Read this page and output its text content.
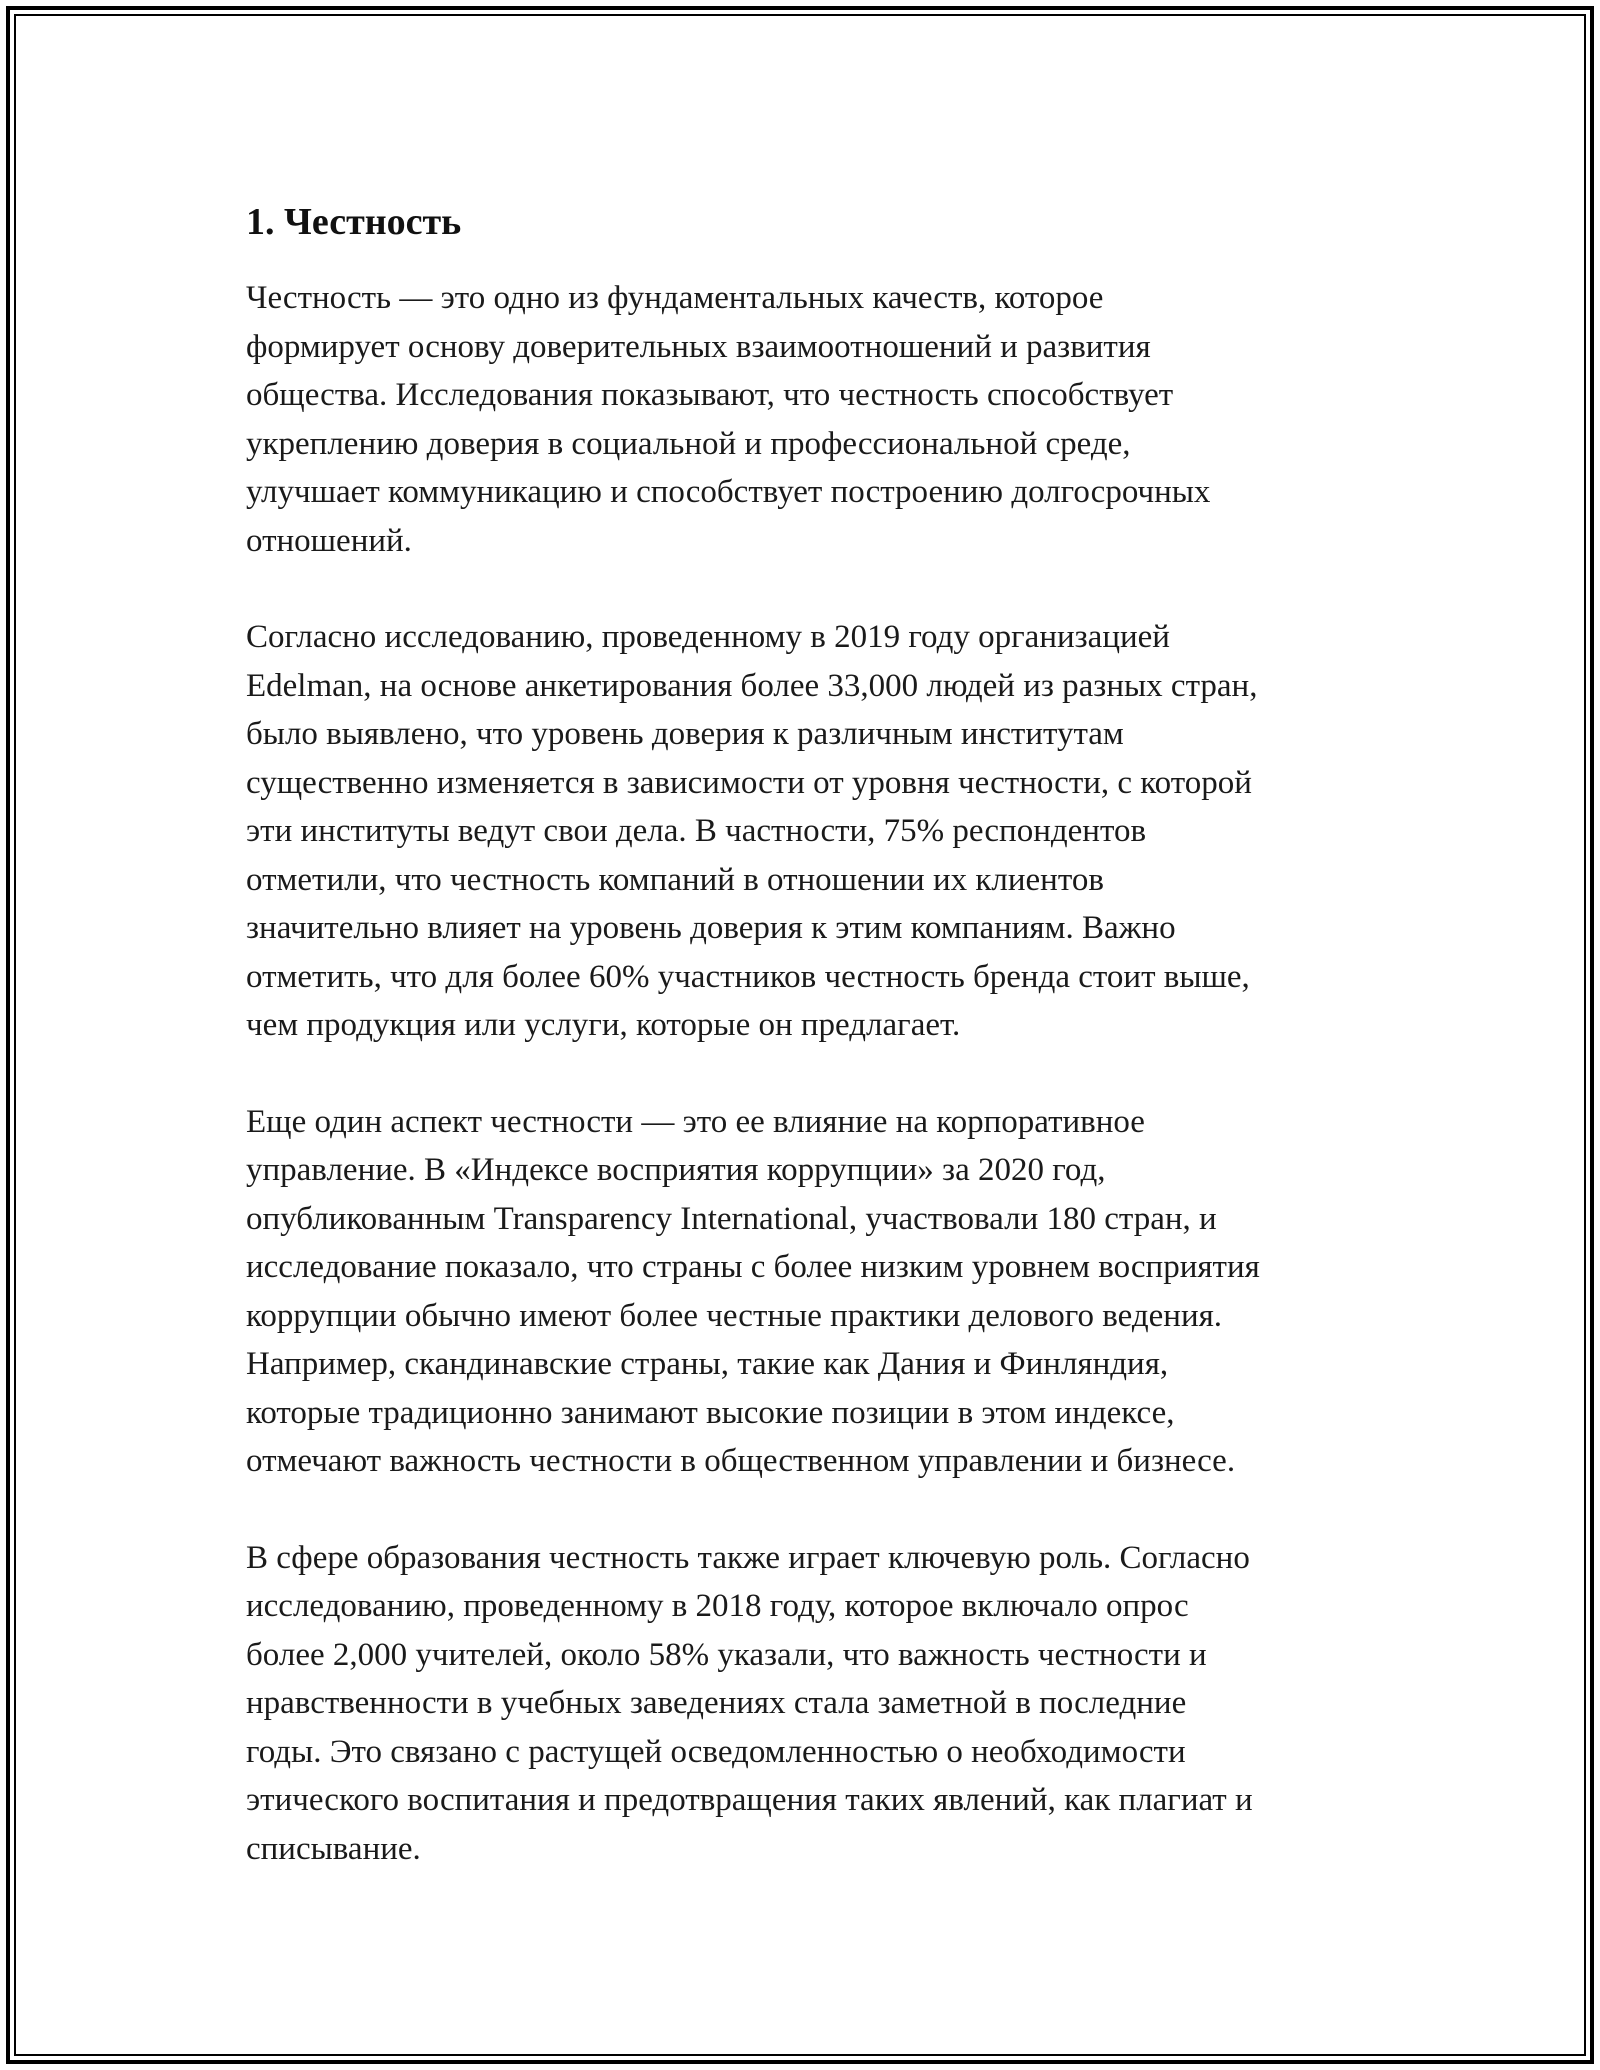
1. Честность
Честность — это одно из фундаментальных качеств, которое
формирует основу доверительных взаимоотношений и развития
общества. Исследования показывают, что честность способствует
укреплению доверия в социальной и профессиональной среде,
улучшает коммуникацию и способствует построению долгосрочных
отношений.
Согласно исследованию, проведенному в 2019 году организацией
Edelman, на основе анкетирования более 33,000 людей из разных стран,
было выявлено, что уровень доверия к различным институтам
существенно изменяется в зависимости от уровня честности, с которой
эти институты ведут свои дела. В частности, 75% респондентов
отметили, что честность компаний в отношении их клиентов
значительно влияет на уровень доверия к этим компаниям. Важно
отметить, что для более 60% участников честность бренда стоит выше,
чем продукция или услуги, которые он предлагает.
Еще один аспект честности — это ее влияние на корпоративное
управление. В «Индексе восприятия коррупции» за 2020 год,
опубликованным Transparency International, участвовали 180 стран, и
исследование показало, что страны с более низким уровнем восприятия
коррупции обычно имеют более честные практики делового ведения.
Например, скандинавские страны, такие как Дания и Финляндия,
которые традиционно занимают высокие позиции в этом индексе,
отмечают важность честности в общественном управлении и бизнесе.
В сфере образования честность также играет ключевую роль. Согласно
исследованию, проведенному в 2018 году, которое включало опрос
более 2,000 учителей, около 58% указали, что важность честности и
нравственности в учебных заведениях стала заметной в последние
годы. Это связано с растущей осведомленностью о необходимости
этического воспитания и предотвращения таких явлений, как плагиат и
списывание.
